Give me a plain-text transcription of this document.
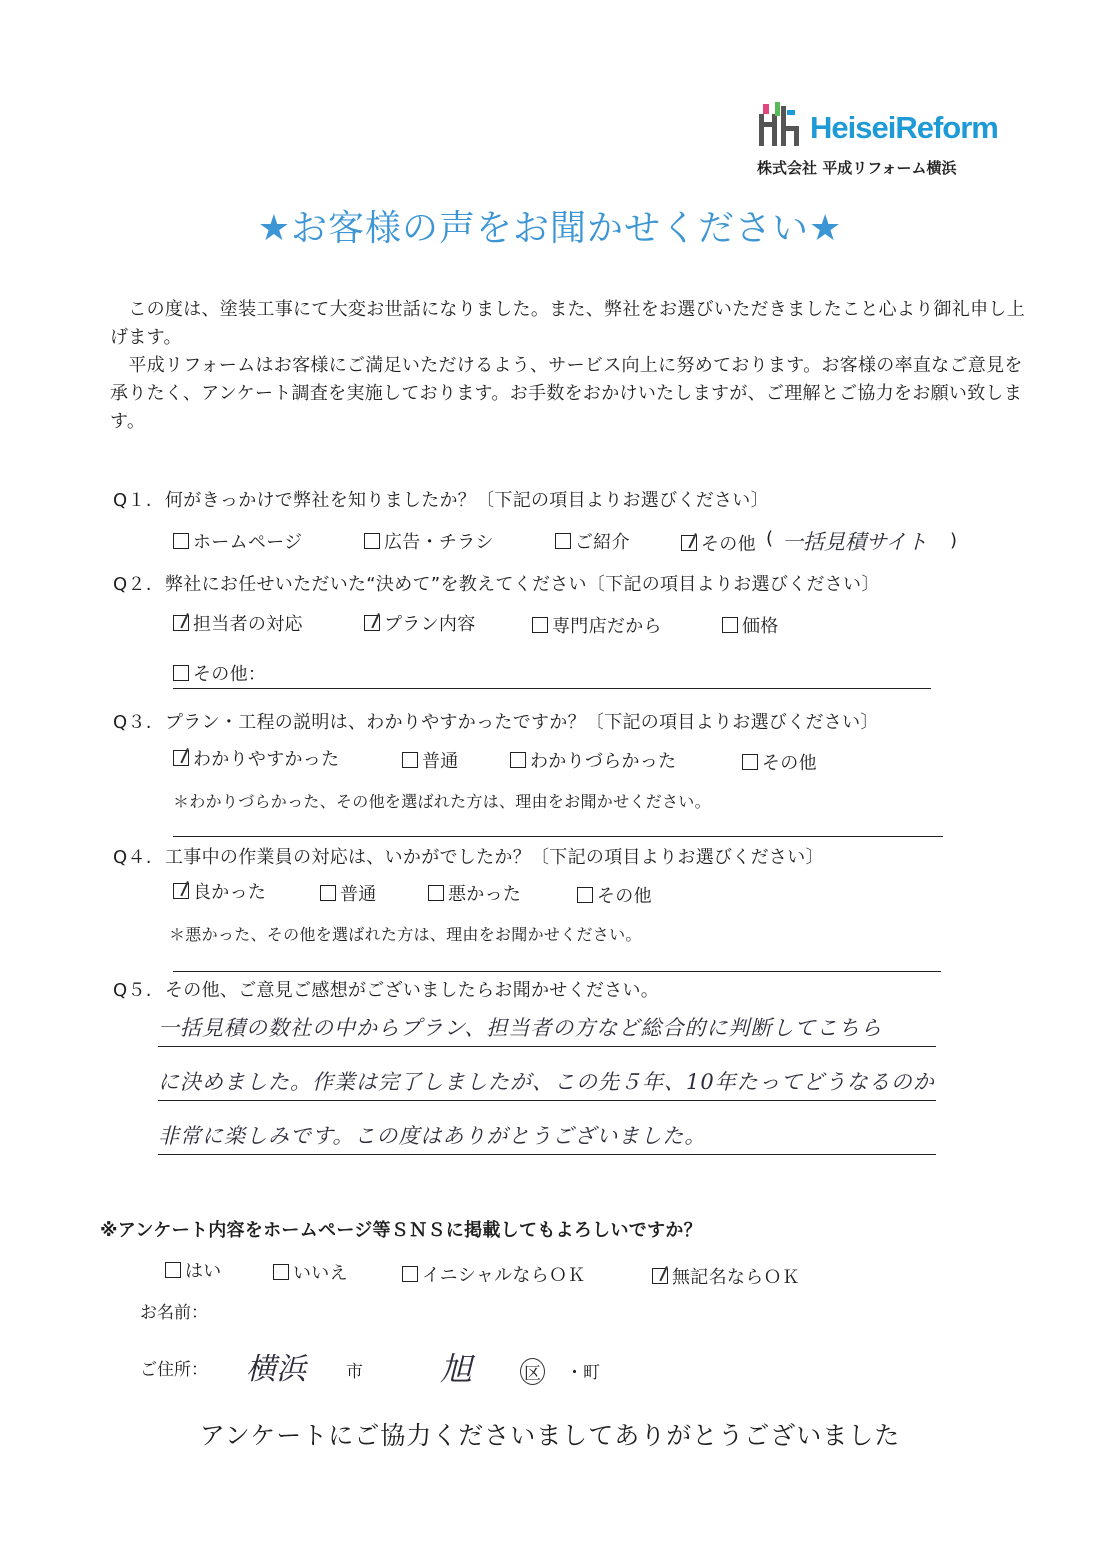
HeiseiReform
株式会社 平成リフォーム横浜
★お客様の声をお聞かせください★

　この度は、塗装工事にて大変お世話になりました。また、弊社をお選びいただきましたこと心より御礼申し上げます。

　平成リフォームはお客様にご満足いただけるよう、サービス向上に努めております。お客様の率直なご意見を承りたく、アンケート調査を実施しております。お手数をおかけいたしますが、ご理解とご協力をお願い致します。

Q１. 何がきっかけで弊社を知りましたか？〔下記の項目よりお選びください〕
ホームページ	広告・チラシ	ご紹介	その他 ( 一括見積サイト )
Q２. 弊社にお任せいただいた“決めて”を教えてください〔下記の項目よりお選びください〕
担当者の対応	プラン内容	専門店だから	価格
その他：
Q３. プラン・工程の説明は、わかりやすかったですか？〔下記の項目よりお選びください〕
わかりやすかった	普通	わかりづらかった	その他
＊わかりづらかった、その他を選ばれた方は、理由をお聞かせください。
Q４. 工事中の作業員の対応は、いかがでしたか？〔下記の項目よりお選びください〕
良かった	普通	悪かった	その他
＊悪かった、その他を選ばれた方は、理由をお聞かせください。
Q５. その他、ご意見ご感想がございましたらお聞かせください。
一括見積の数社の中からプラン、担当者の方など総合的に判断してこちら
に決めました。作業は完了しましたが、この先５年、10年たってどうなるのか
非常に楽しみです。この度はありがとうございました。
※アンケート内容をホームページ等ＳＮＳに掲載してもよろしいですか？
はい	いいえ	イニシャルならＯＫ	無記名ならＯＫ
お名前：
ご住所： 横浜 市 旭	区 ・町
アンケートにご協力くださいましてありがとうございました
